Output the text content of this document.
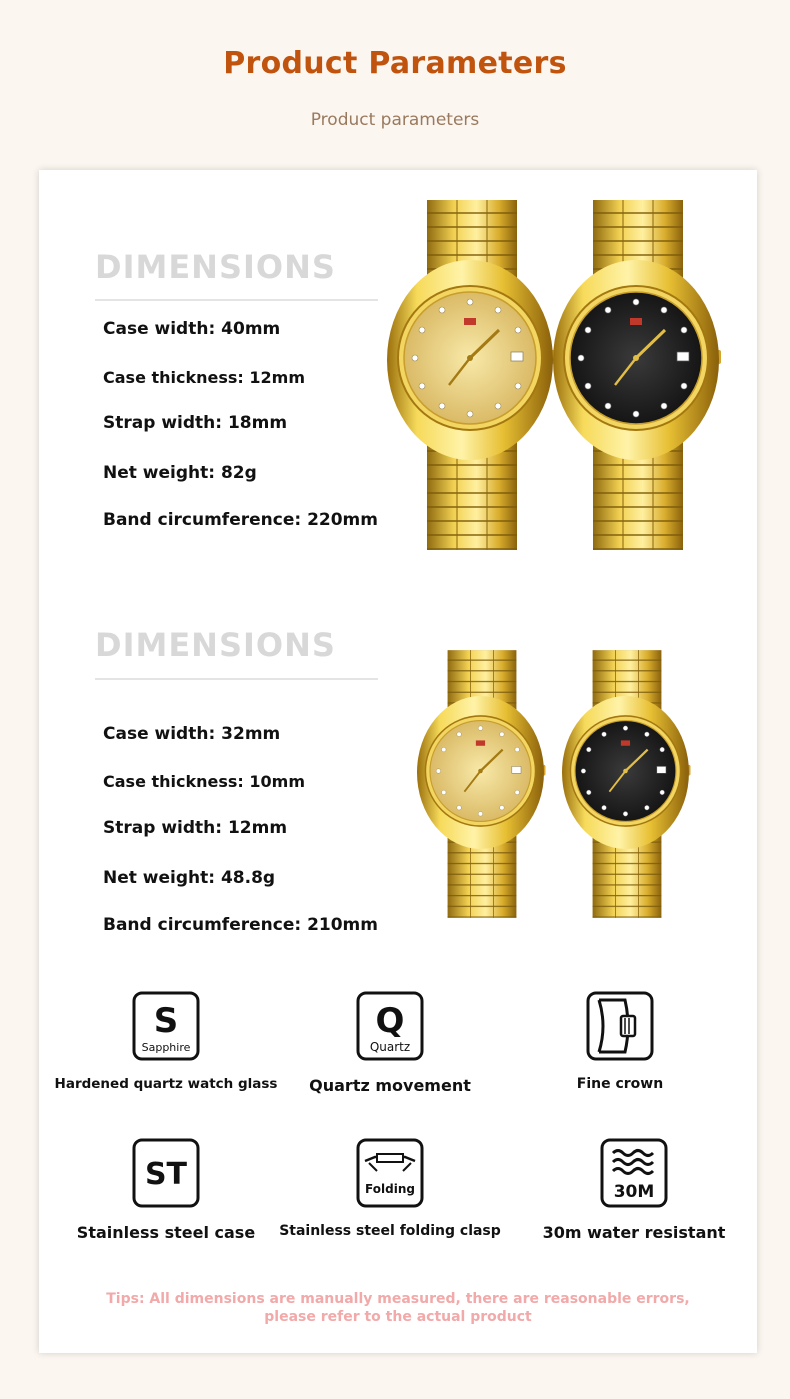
Product Parameters
Product parameters
DIMENSIONS
Case width: 40mm
Case thickness: 12mm
Strap width: 18mm
Net weight: 82g
Band circumference: 220mm
DIMENSIONS
Case width: 32mm
Case thickness: 10mm
Strap width: 12mm
Net weight: 48.8g
Band circumference: 210mm
S
Sapphire
Hardened quartz watch glass
Q
Quartz
Quartz movement	Fine crown
ST
Stainless steel case
Folding
Stainless steel folding clasp
30M
30m water resistant
Tips: All dimensions are manually measured, there are reasonable errors, please refer to the actual product
